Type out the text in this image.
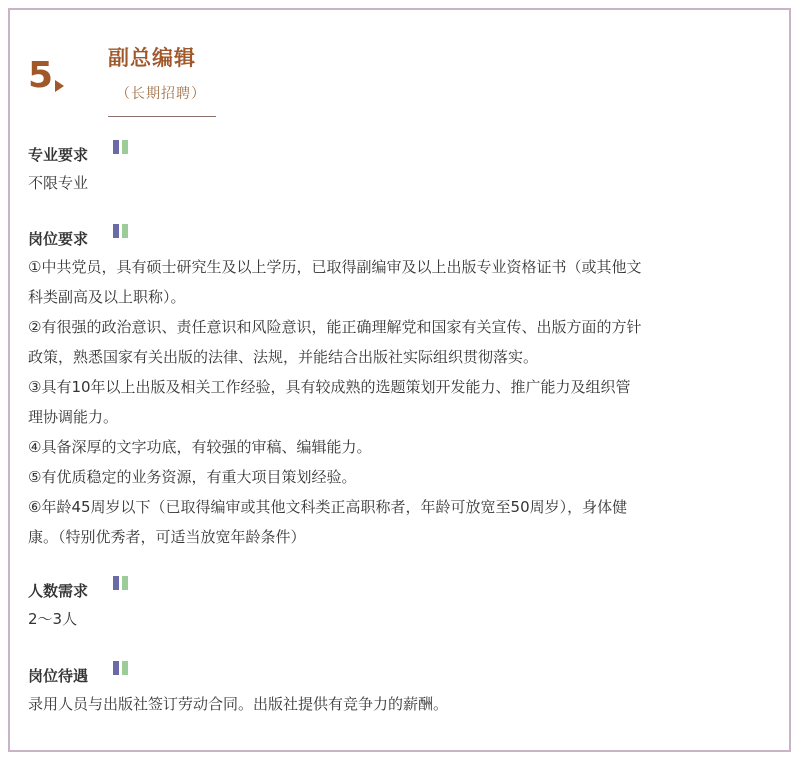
5	副总编辑
（长期招聘）
专业要求

不限专业

岗位要求

①中共党员，具有硕士研究生及以上学历，已取得副编审及以上出版专业资格证书（或其他文

科类副高及以上职称）。

②有很强的政治意识、责任意识和风险意识，能正确理解党和国家有关宣传、出版方面的方针

政策，熟悉国家有关出版的法律、法规，并能结合出版社实际组织贯彻落实。

③具有10年以上出版及相关工作经验，具有较成熟的选题策划开发能力、推广能力及组织管

理协调能力。

④具备深厚的文字功底，有较强的审稿、编辑能力。

⑤有优质稳定的业务资源，有重大项目策划经验。

⑥年龄45周岁以下（已取得编审或其他文科类正高职称者，年龄可放宽至50周岁），身体健

康。（特别优秀者，可适当放宽年龄条件）

人数需求

2～3人

岗位待遇

录用人员与出版社签订劳动合同。出版社提供有竞争力的薪酬。
